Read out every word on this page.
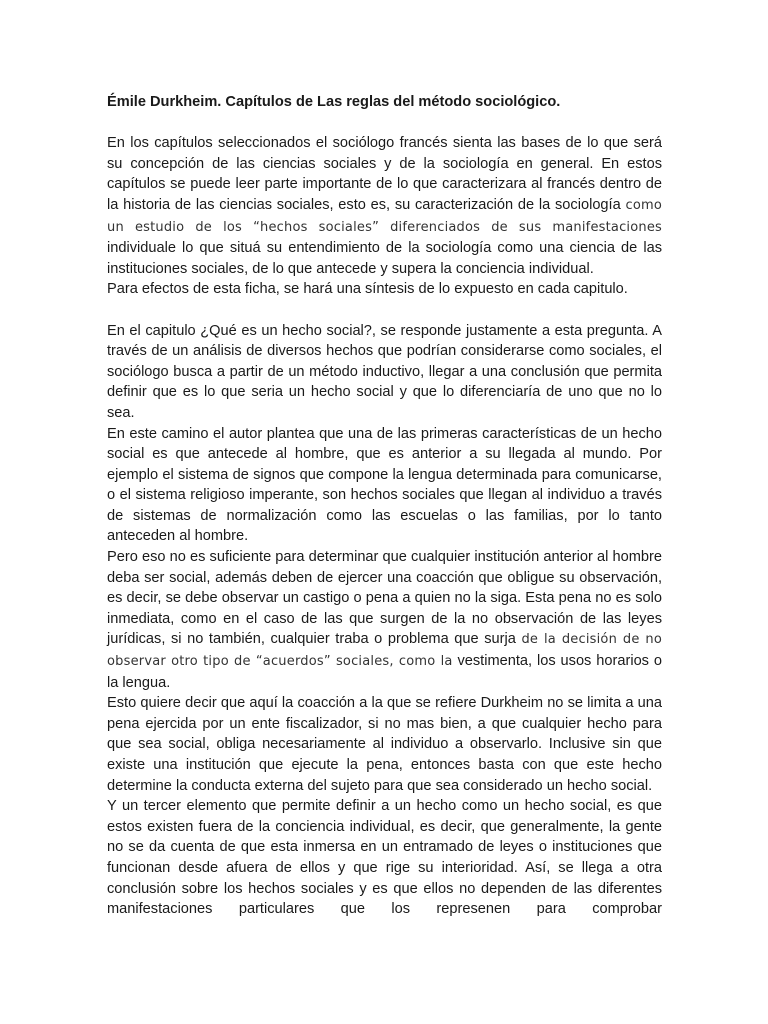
Émile Durkheim. Capítulos de Las reglas del método sociológico.

En los capítulos seleccionados el sociólogo francés sienta las bases de lo que será su concepción de las ciencias sociales y de la sociología en general. En estos capítulos se puede leer parte importante de lo que caracterizara al francés dentro de la historia de las ciencias sociales, esto es, su caracterización de la sociología como un estudio de los “hechos sociales” diferenciados de sus manifestaciones individuale lo que situá su entendimiento de la sociología como una ciencia de las instituciones sociales, de lo que antecede y supera la conciencia individual.

Para efectos de esta ficha, se hará una síntesis de lo expuesto en cada capitulo.

En el capitulo ¿Qué es un hecho social?, se responde justamente a esta pregunta. A través de un análisis de diversos hechos que podrían considerarse como sociales, el sociólogo busca a partir de un método inductivo, llegar a una conclusión que permita definir que es lo que seria un hecho social y que lo diferenciaría de uno que no lo sea.

En este camino el autor plantea que una de las primeras características de un hecho social es que antecede al hombre, que es anterior a su llegada al mundo. Por ejemplo el sistema de signos que compone la lengua determinada para comunicarse, o el sistema religioso imperante, son hechos sociales que llegan al individuo a través de sistemas de normalización como las escuelas o las familias, por lo tanto anteceden al hombre.

Pero eso no es suficiente para determinar que cualquier institución anterior al hombre deba ser social, además deben de ejercer una coacción que obligue su observación, es decir, se debe observar un castigo o pena a quien no la siga. Esta pena no es solo inmediata, como en el caso de las que surgen de la no observación de las leyes jurídicas, si no también, cualquier traba o problema que surja de la decisión de no observar otro tipo de “acuerdos” sociales, como la vestimenta, los usos horarios o la lengua.

Esto quiere decir que aquí la coacción a la que se refiere Durkheim no se limita a una pena ejercida por un ente fiscalizador, si no mas bien, a que cualquier hecho para que sea social, obliga necesariamente al individuo a observarlo. Inclusive sin que existe una institución que ejecute la pena, entonces basta con que este hecho determine la conducta externa del sujeto para que sea considerado un hecho social.

Y un tercer elemento que permite definir a un hecho como un hecho social, es que estos existen fuera de la conciencia individual, es decir, que generalmente, la gente no se da cuenta de que esta inmersa en un entramado de leyes o instituciones que funcionan desde afuera de ellos y que rige su interioridad. Así, se llega a otra conclusión sobre los hechos sociales y es que ellos no dependen de las diferentes manifestaciones particulares que los represenen para comprobar
